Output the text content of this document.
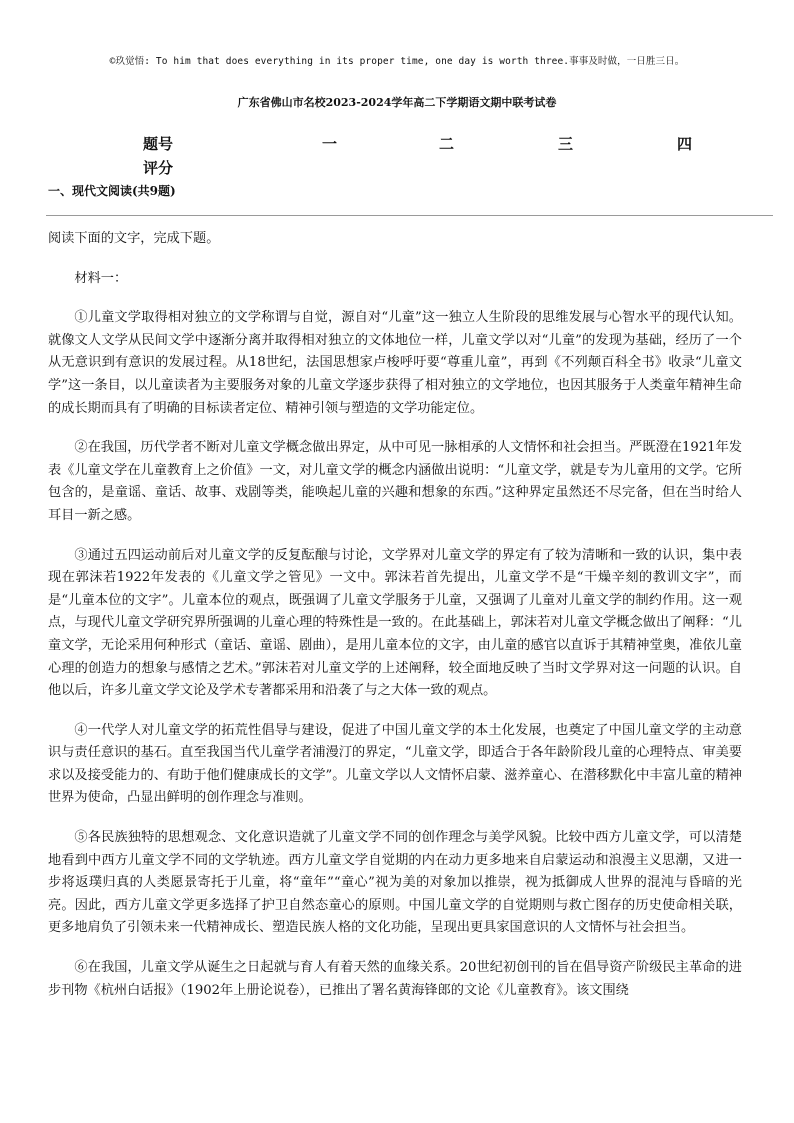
©玖觉悟: To him that does everything in its proper time, one day is worth three.事事及时做，一日胜三日。
广东省佛山市名校2023-2024学年高二下学期语文期中联考试卷
题号	一	二	三	四
评分
一、现代文阅读(共9题)

阅读下面的文字，完成下题。

材料一：

①儿童文学取得相对独立的文学称谓与自觉，源自对“儿童”这一独立人生阶段的思维发展与心智水平的现代认知。就像文人文学从民间文学中逐渐分离并取得相对独立的文体地位一样，儿童文学以对“儿童”的发现为基础，经历了一个从无意识到有意识的发展过程。从18世纪，法国思想家卢梭呼吁要“尊重儿童”，再到《不列颠百科全书》收录“儿童文学”这一条目，以儿童读者为主要服务对象的儿童文学逐步获得了相对独立的文学地位，也因其服务于人类童年精神生命的成长期而具有了明确的目标读者定位、精神引领与塑造的文学功能定位。

②在我国，历代学者不断对儿童文学概念做出界定，从中可见一脉相承的人文情怀和社会担当。严既澄在1921年发表《儿童文学在儿童教育上之价值》一文，对儿童文学的概念内涵做出说明：“儿童文学，就是专为儿童用的文学。它所包含的，是童谣、童话、故事、戏剧等类，能唤起儿童的兴趣和想象的东西。”这种界定虽然还不尽完备，但在当时给人耳目一新之感。

③通过五四运动前后对儿童文学的反复酝酿与讨论，文学界对儿童文学的界定有了较为清晰和一致的认识，集中表现在郭沫若1922年发表的《儿童文学之管见》一文中。郭沫若首先提出，儿童文学不是“干燥辛刻的教训文字”，而是“儿童本位的文字”。儿童本位的观点，既强调了儿童文学服务于儿童，又强调了儿童对儿童文学的制约作用。这一观点，与现代儿童文学研究界所强调的儿童心理的特殊性是一致的。在此基础上，郭沫若对儿童文学概念做出了阐释：“儿童文学，无论采用何种形式（童话、童谣、剧曲），是用儿童本位的文字，由儿童的感官以直诉于其精神堂奥，准依儿童心理的创造力的想象与感情之艺术。”郭沫若对儿童文学的上述阐释，较全面地反映了当时文学界对这一问题的认识。自他以后，许多儿童文学文论及学术专著都采用和沿袭了与之大体一致的观点。

④一代学人对儿童文学的拓荒性倡导与建设，促进了中国儿童文学的本土化发展，也奠定了中国儿童文学的主动意识与责任意识的基石。直至我国当代儿童学者浦漫汀的界定，“儿童文学，即适合于各年龄阶段儿童的心理特点、审美要求以及接受能力的、有助于他们健康成长的文学”。儿童文学以人文情怀启蒙、滋养童心、在潜移默化中丰富儿童的精神世界为使命，凸显出鲜明的创作理念与准则。

⑤各民族独特的思想观念、文化意识造就了儿童文学不同的创作理念与美学风貌。比较中西方儿童文学，可以清楚地看到中西方儿童文学不同的文学轨迹。西方儿童文学自觉期的内在动力更多地来自启蒙运动和浪漫主义思潮，又进一步将返璞归真的人类愿景寄托于儿童，将“童年”“童心”视为美的对象加以推崇，视为抵御成人世界的混沌与昏暗的光亮。因此，西方儿童文学更多选择了护卫自然态童心的原则。中国儿童文学的自觉期则与救亡图存的历史使命相关联，更多地肩负了引领未来一代精神成长、塑造民族人格的文化功能，呈现出更具家国意识的人文情怀与社会担当。

⑥在我国，儿童文学从诞生之日起就与育人有着天然的血缘关系。20世纪初创刊的旨在倡导资产阶级民主革命的进步刊物《杭州白话报》（1902年上册论说卷），已推出了署名黄海锋郎的文论《儿童教育》。该文围绕
